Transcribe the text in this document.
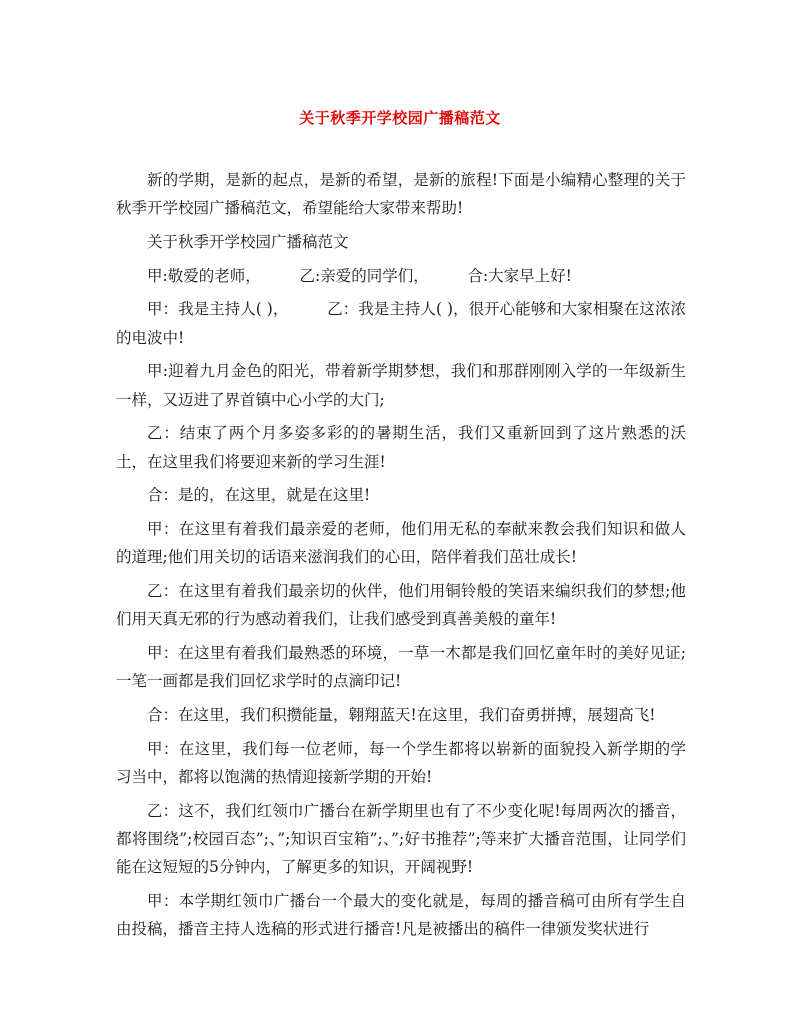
关于秋季开学校园广播稿范文

新的学期，是新的起点，是新的希望，是新的旅程!下面是小编精心整理的关于秋季开学校园广播稿范文，希望能给大家带来帮助!

关于秋季开学校园广播稿范文

甲:敬爱的老师，　　　乙:亲爱的同学们，　　　合:大家早上好!

甲：我是主持人( )，　　　乙：我是主持人( )，很开心能够和大家相聚在这浓浓的电波中!

甲:迎着九月金色的阳光，带着新学期梦想，我们和那群刚刚入学的一年级新生一样，又迈进了界首镇中心小学的大门;

乙：结束了两个月多姿多彩的的暑期生活，我们又重新回到了这片熟悉的沃土，在这里我们将要迎来新的学习生涯!

合：是的，在这里，就是在这里!

甲：在这里有着我们最亲爱的老师，他们用无私的奉献来教会我们知识和做人的道理;他们用关切的话语来滋润我们的心田，陪伴着我们茁壮成长!

乙：在这里有着我们最亲切的伙伴，他们用铜铃般的笑语来编织我们的梦想;他们用天真无邪的行为感动着我们，让我们感受到真善美般的童年!

甲：在这里有着我们最熟悉的环境，一草一木都是我们回忆童年时的美好见证;一笔一画都是我们回忆求学时的点滴印记!

合：在这里，我们积攒能量，翱翔蓝天!在这里，我们奋勇拼搏，展翅高飞!

甲：在这里，我们每一位老师，每一个学生都将以崭新的面貌投入新学期的学习当中，都将以饱满的热情迎接新学期的开始!

乙：这不，我们红领巾广播台在新学期里也有了不少变化呢!每周两次的播音，都将围绕”;校园百态”;、”;知识百宝箱”;、”;好书推荐”;等来扩大播音范围，让同学们能在这短短的5分钟内，了解更多的知识，开阔视野!

甲：本学期红领巾广播台一个最大的变化就是，每周的播音稿可由所有学生自由投稿，播音主持人选稿的形式进行播音!凡是被播出的稿件一律颁发奖状进行
